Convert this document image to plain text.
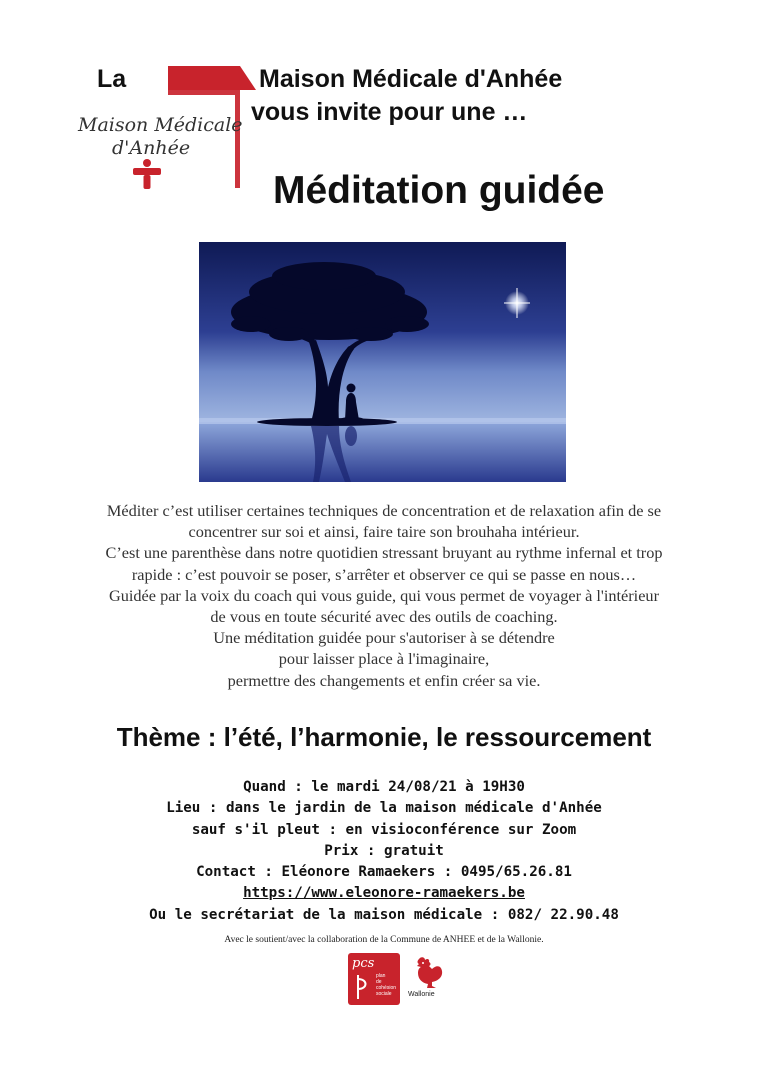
La	Maison Médicale d'Anhée
vous invite pour une …
Maison Médicale
d'Anhée
Méditation guidée
Méditer c’est utiliser certaines techniques de concentration et de relaxation afin de se
concentrer sur soi et ainsi, faire taire son brouhaha intérieur.
C’est une parenthèse dans notre quotidien stressant bruyant au rythme infernal et trop
rapide : c’est pouvoir se poser, s’arrêter et observer ce qui se passe en nous…
Guidée par la voix du coach qui vous guide, qui vous permet de voyager à l'intérieur
de vous en toute sécurité avec des outils de coaching.
Une méditation guidée pour s'autoriser à se détendre
pour laisser place à l'imaginaire,
permettre des changements et enfin créer sa vie.
Thème : l’été, l’harmonie, le ressourcement
Quand : le mardi 24/08/21 à 19H30
Lieu : dans le jardin de la maison médicale d'Anhée
sauf s'il pleut : en visioconférence sur Zoom
Prix : gratuit
Contact : Eléonore Ramaekers : 0495/65.26.81
https://www.eleonore-ramaekers.be
Ou le secrétariat de la maison médicale : 082/ 22.90.48
Avec le soutient/avec la collaboration de la Commune de ANHEE et de la Wallonie.
pcs
plan
de
cohésion
sociale	Wallonie
